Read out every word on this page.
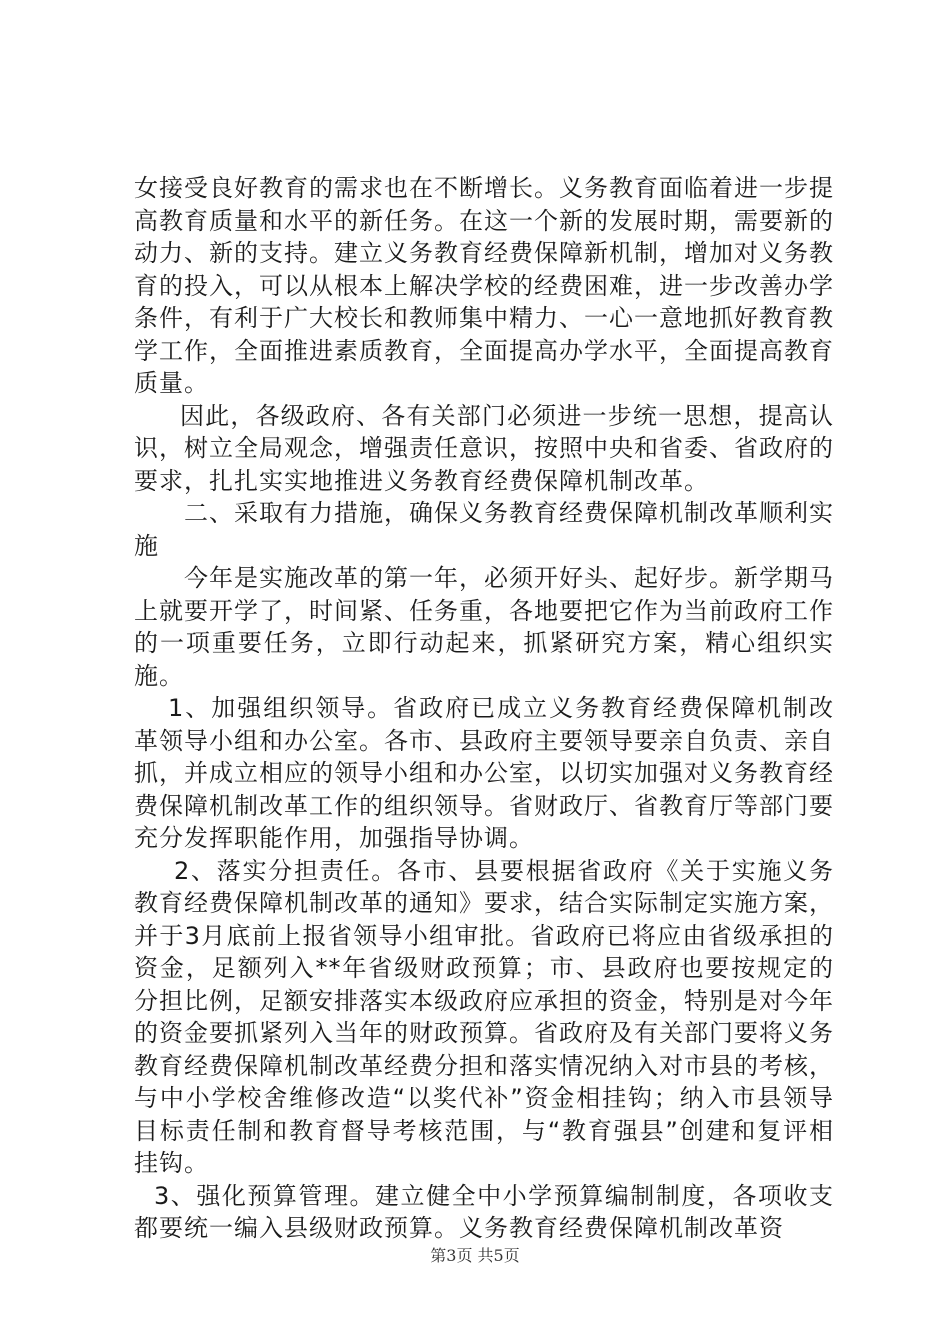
女接受良好教育的需求也在不断增长。义务教育面临着进一步提高教育质量和水平的新任务。在这一个新的发展时期，需要新的动力、新的支持。建立义务教育经费保障新机制，增加对义务教育的投入，可以从根本上解决学校的经费困难，进一步改善办学条件，有利于广大校长和教师集中精力、一心一意地抓好教育教学工作，全面推进素质教育，全面提高办学水平，全面提高教育质量。

因此，各级政府、各有关部门必须进一步统一思想，提高认识，树立全局观念，增强责任意识，按照中央和省委、省政府的要求，扎扎实实地推进义务教育经费保障机制改革。

二、采取有力措施，确保义务教育经费保障机制改革顺利实施

今年是实施改革的第一年，必须开好头、起好步。新学期马上就要开学了，时间紧、任务重，各地要把它作为当前政府工作的一项重要任务，立即行动起来，抓紧研究方案，精心组织实施。

1、加强组织领导。省政府已成立义务教育经费保障机制改革领导小组和办公室。各市、县政府主要领导要亲自负责、亲自抓，并成立相应的领导小组和办公室，以切实加强对义务教育经费保障机制改革工作的组织领导。省财政厅、省教育厅等部门要充分发挥职能作用，加强指导协调。

2、落实分担责任。各市、县要根据省政府《关于实施义务教育经费保障机制改革的通知》要求，结合实际制定实施方案，并于3月底前上报省领导小组审批。省政府已将应由省级承担的资金，足额列入**年省级财政预算；市、县政府也要按规定的分担比例，足额安排落实本级政府应承担的资金，特别是对今年的资金要抓紧列入当年的财政预算。省政府及有关部门要将义务教育经费保障机制改革经费分担和落实情况纳入对市县的考核，与中小学校舍维修改造“以奖代补”资金相挂钩；纳入市县领导目标责任制和教育督导考核范围，与“教育强县”创建和复评相挂钩。

3、强化预算管理。建立健全中小学预算编制制度，各项收支都要统一编入县级财政预算。义务教育经费保障机制改革资

第3页 共5页
